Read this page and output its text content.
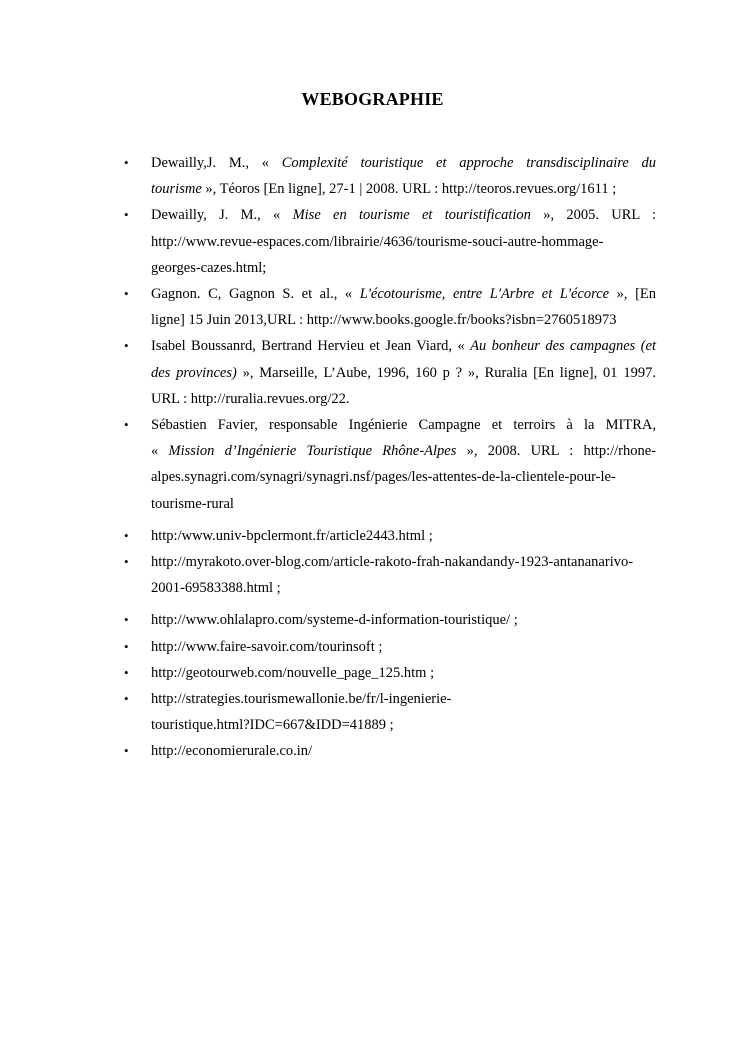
WEBOGRAPHIE
• Dewailly,J. M., « Complexité touristique et approche transdisciplinaire du
tourisme », Téoros [En ligne], 27-1 | 2008. URL : http://teoros.revues.org/1611 ;
• Dewailly, J. M., « Mise en tourisme et touristification », 2005. URL :
http://www.revue-espaces.com/librairie/4636/tourisme-souci-autre-hommage-
georges-cazes.html;
• Gagnon. C, Gagnon S. et al., « L'écotourisme, entre L'Arbre et L'écorce », [En
ligne] 15 Juin 2013,URL : http://www.books.google.fr/books?isbn=2760518973
• Isabel Boussanrd, Bertrand Hervieu et Jean Viard, « Au bonheur des campagnes (et
des provinces) », Marseille, L’Aube, 1996, 160 p ? », Ruralia [En ligne], 01 1997.
URL : http://ruralia.revues.org/22.
• Sébastien Favier, responsable Ingénierie Campagne et terroirs à la MITRA,
« Mission d’Ingénierie Touristique Rhône-Alpes », 2008. URL : http://rhone-
alpes.synagri.com/synagri/synagri.nsf/pages/les-attentes-de-la-clientele-pour-le-
tourisme-rural
• http:/www.univ-bpclermont.fr/article2443.html ;
• http://myrakoto.over-blog.com/article-rakoto-frah-nakandandy-1923-antananarivo-
2001-69583388.html ;
• http://www.ohlalapro.com/systeme-d-information-touristique/ ;
• http://www.faire-savoir.com/tourinsoft ;
• http://geotourweb.com/nouvelle_page_125.htm ;
• http://strategies.tourismewallonie.be/fr/l-ingenierie-
touristique.html?IDC=667&IDD=41889 ;
• http://economierurale.co.in/
